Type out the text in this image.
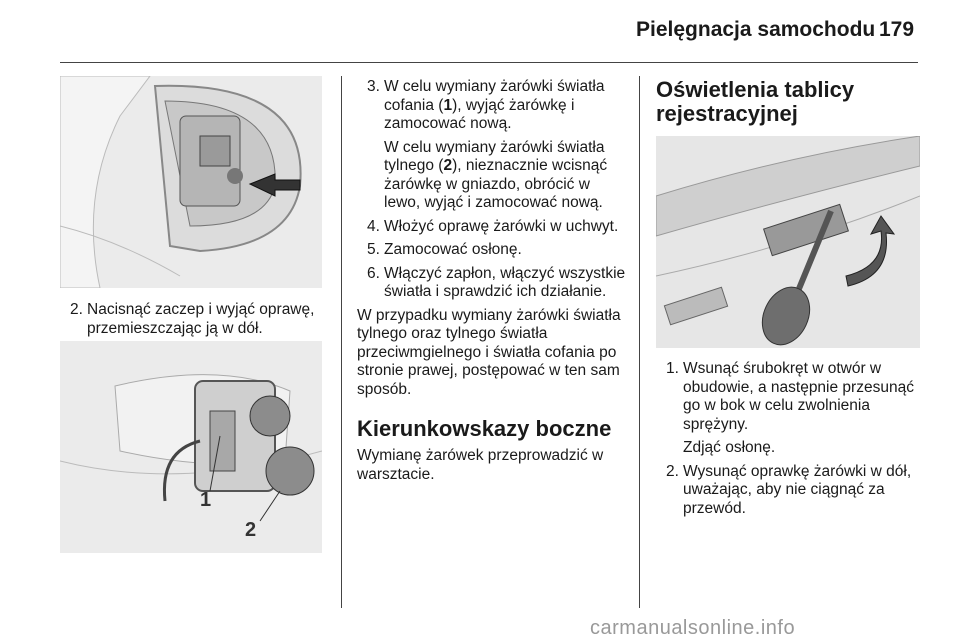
Pielęgnacja samochodu 179
2. Nacisnąć zaczep i wyjąć oprawę, przemieszczając ją w dół.
1
2
3. W celu wymiany żarówki światła cofania (1), wyjąć żarówkę i zamocować nową.
W celu wymiany żarówki światła tylnego (2), nieznacznie wcisnąć żarówkę w gniazdo, obrócić w lewo, wyjąć i zamocować nową.
4. Włożyć oprawę żarówki w uchwyt.
5. Zamocować osłonę.
6. Włączyć zapłon, włączyć wszystkie światła i sprawdzić ich działanie.

W przypadku wymiany żarówki światła tylnego oraz tylnego światła przeciwmgielnego i światła cofania po stronie prawej, postępować w ten sam sposób.

Kierunkowskazy boczne

Wymianę żarówek przeprowadzić w warsztacie.

Oświetlenia tablicy rejestracyjnej
1. Wsunąć śrubokręt w otwór w obudowie, a następnie przesunąć go w bok w celu zwolnienia sprężyny.
Zdjąć osłonę.
2. Wysunąć oprawkę żarówki w dół, uważając, aby nie ciągnąć za przewód.
carmanualsonline.info
